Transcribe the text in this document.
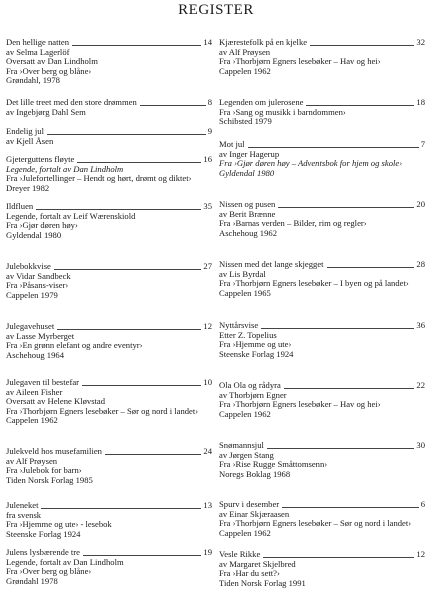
REGISTER
Den hellige natten	14
av Selma Lagerlöf
Oversatt av Dan Lindholm
Fra ›Over berg og blåne›
Grøndahl, 1978
Det lille treet med den store drømmen	8
av Ingebjørg Dahl Sem
Endelig jul	9
av Kjell Åsen
Gjeterguttens fløyte	16
Legende, fortalt av Dan Lindholm
Fra ›Julefortellinger – Hendt og hørt, drømt og diktet›
Dreyer 1982
Ildfluen	35
Legende, fortalt av Leif Wærenskiold
Fra ›Gjør døren høy›
Gyldendal 1980
Julebokkvise	27
av Vidar Sandbeck
Fra ›Påsans-viser›
Cappelen 1979
Julegavehuset	12
av Lasse Myrberget
Fra ›En grønn elefant og andre eventyr›
Aschehoug 1964
Julegaven til bestefar	10
av Aileen Fisher
Oversatt av Helene Kløvstad
Fra ›Thorbjørn Egners lesebøker – Sør og nord i landet›
Cappelen 1962
Julekveld hos musefamilien	24
av Alf Prøysen
Fra ›Julebok for barn›
Tiden Norsk Forlag 1985
Juleneket	13
fra svensk
Fra ›Hjemme og ute› - lesebok
Steenske Forlag 1924
Julens lysbærende tre	19
Legende, fortalt av Dan Lindholm
Fra ›Over berg og blåne›
Grøndahl 1978
Kjærestefolk på en kjelke	32
av Alf Prøysen
Fra ›Thorbjørn Egners lesebøker – Hav og hei›
Cappelen 1962
Legenden om julerosene	18
Fra ›Sang og musikk i barndommen›
Schibsted 1979
Mot jul	7
av Inger Hagerup
Fra ›Gjør døren høy – Adventsbok for hjem og skole›
Gyldendal 1980
Nissen og pusen	20
av Berit Brænne
Fra ›Barnas verden – Bilder, rim og regler›
Aschehoug 1962
Nissen med det lange skjegget	28
av Lis Byrdal
Fra ›Thorbjørn Egners lesebøker – I byen og på landet›
Cappelen 1965
Nyttårsvise	36
Etter Z. Topelius
Fra ›Hjemme og ute›
Steenske Forlag 1924
Ola Ola og rådyra	22
av Thorbjørn Egner
Fra ›Thorbjørn Egners lesebøker – Hav og hei›
Cappelen 1962
Snømannsjul	30
av Jørgen Stang
Fra ›Rise Rugge Småttomsenn›
Noregs Boklag 1968
Spurv i desember	6
av Einar Skjæraasen
Fra ›Thorbjørn Egners lesebøker – Sør og nord i landet›
Cappelen 1962
Vesle Rikke	12
av Margaret Skjelbred
Fra ›Har du sett?›
Tiden Norsk Forlag 1991
